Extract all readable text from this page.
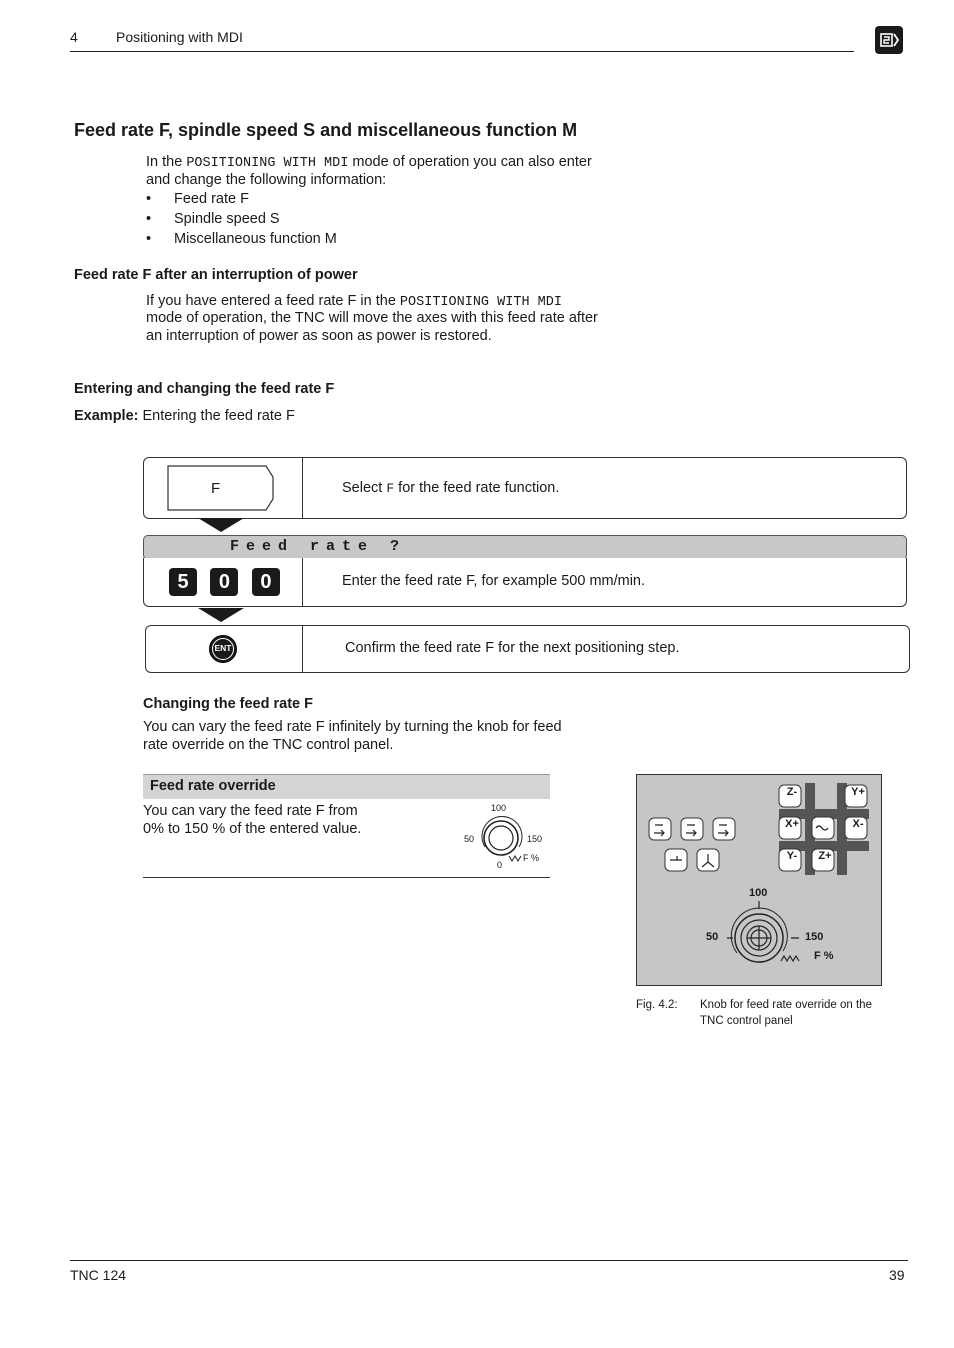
4	Positioning with MDI
Feed rate F, spindle speed S and miscellaneous function M
In the POSITIONING WITH MDI mode of operation you can also enter
and change the following information:
• Feed rate F
• Spindle speed S
• Miscellaneous function M
Feed rate F after an interruption of power
If you have entered a feed rate F in the POSITIONING WITH MDI
mode of operation, the TNC will move the axes with this feed rate after
an interruption of power as soon as power is restored.
Entering and changing the feed rate F
Example: Entering the feed rate F
F	Select F for the feed rate function.
Feed rate ?
5 0 0	Enter the feed rate F, for example 500 mm/min.
ENT	Confirm the feed rate F for the next positioning step.
Changing the feed rate F
You can vary the feed rate F infinitely by turning the knob for feed
rate override on the TNC control panel.
Feed rate override
You can vary the feed rate F from
0% to 150 % of the entered value.
100
50	150
0
F %
Z-	Y+
X+	X-
Y-	Z+
100
50	150
F %
Fig. 4.2: Knob for feed rate override on the
TNC control panel
TNC 124	39
